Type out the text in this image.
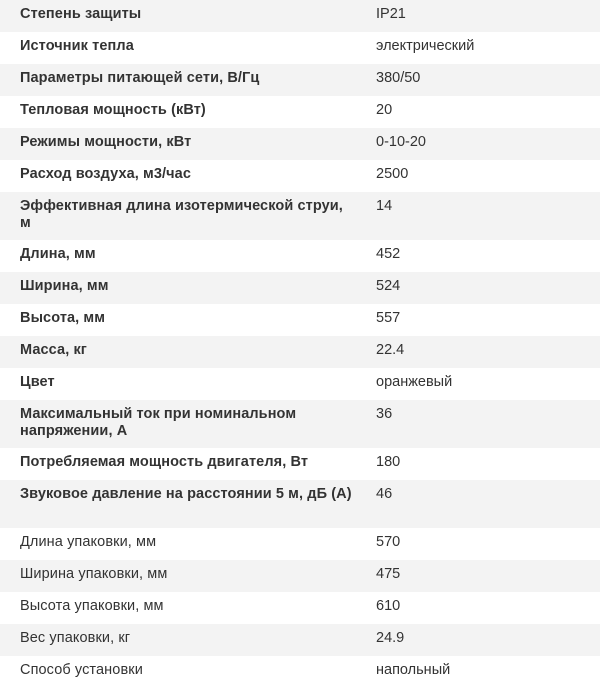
Степень защиты	IP21
Источник тепла	электрический
Параметры питающей сети, В/Гц	380/50
Тепловая мощность (кВт)	20
Режимы мощности, кВт	0-10-20
Расход воздуха, м3/час	2500
Эффективная длина изотермической струи, м	14
Длина, мм	452
Ширина, мм	524
Высота, мм	557
Масса, кг	22.4
Цвет	оранжевый
Максимальный ток при номинальном напряжении, А	36
Потребляемая мощность двигателя, Вт	180
Звуковое давление на расстоянии 5 м, дБ (А)	46
Длина упаковки, мм	570
Ширина упаковки, мм	475
Высота упаковки, мм	610
Вес упаковки, кг	24.9
Способ установки	напольный
